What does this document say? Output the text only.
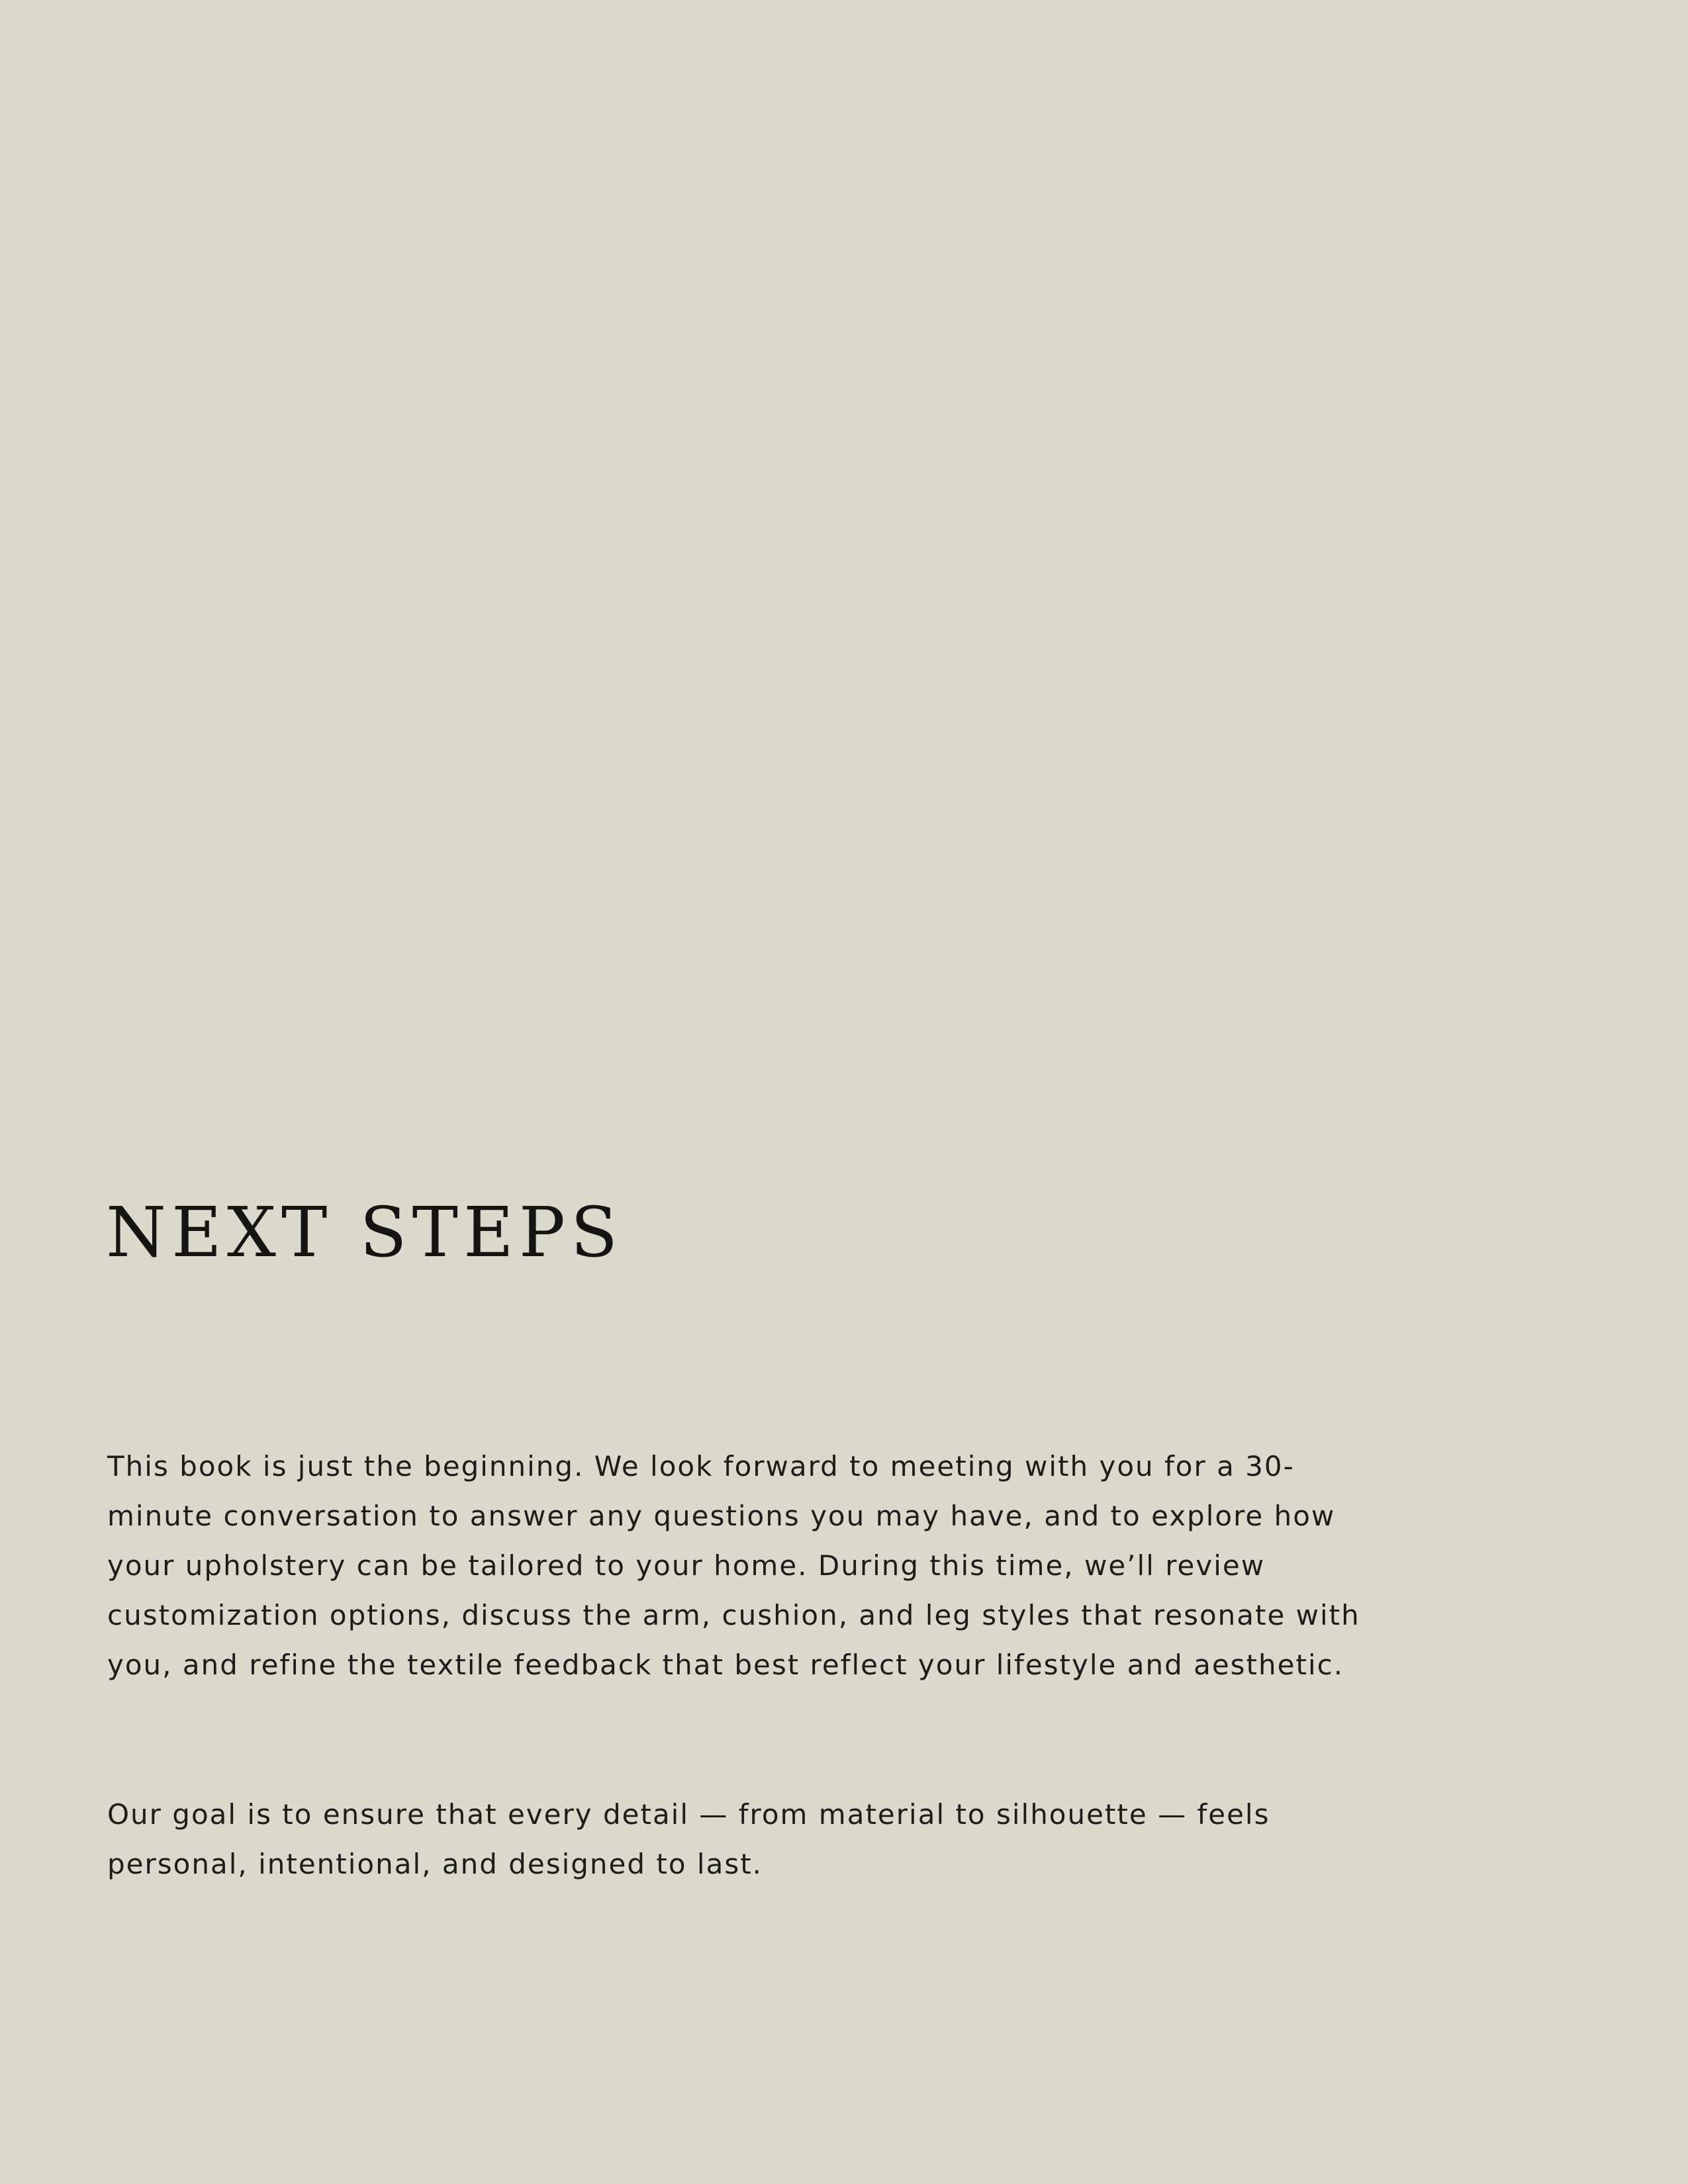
NEXT STEPS

This book is just the beginning. We look forward to meeting with you for a 30-minute conversation to answer any questions you may have, and to explore how your upholstery can be tailored to your home. During this time, we’ll review customization options, discuss the arm, cushion, and leg styles that resonate with you, and refine the textile feedback that best reflect your lifestyle and aesthetic.

Our goal is to ensure that every detail — from material to silhouette — feels personal, intentional, and designed to last.
